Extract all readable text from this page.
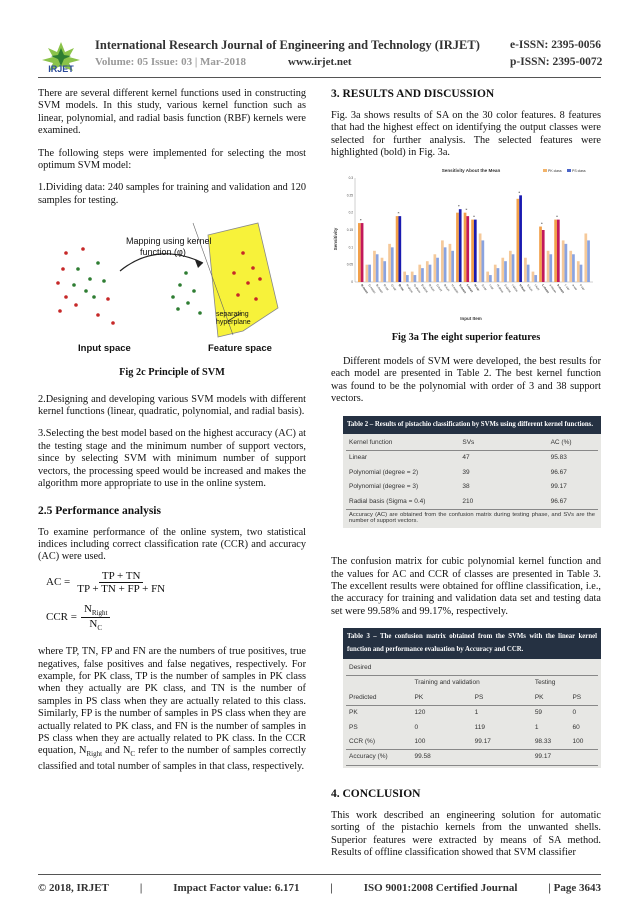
IRJET
International Research Journal of Engineering and Technology (IRJET)	e-ISSN: 2395-0056
Volume: 05 Issue: 03 | Mar-2018	www.irjet.net	p-ISSN: 2395-0072

There are several different kernel functions used in constructing SVM models. In this study, various kernel function such as linear, polynomial, and radial basis function (RBF) kernels were examined.

The following steps were implemented for selecting the most optimum SVM model:

1.Dividing data: 240 samples for training and validation and 120 samples for testing.

Mapping using kernel
function (φ)
separating hyperplane
Input space	Feature space

Fig 2c Principle of SVM

2.Designing and developing various SVM models with different kernel functions (linear, quadratic, polynomial, and radial basis).

3.Selecting the best model based on the highest accuracy (AC) at the testing stage and the minimum number of support vectors, since by selecting SVM with minimum number of support vectors, the processing speed would be increased and makes the algorithm more appropriate to use in the online system.

2.5 Performance analysis

To examine performance of the online system, two statistical indices including correct classification rate (CCR) and accuracy (AC) were used.

AC = $\frac{TP + TN}{TP + TN + FP + FN}$
CCR =
$N_{Right}$
$N_C$

where TP, TN, FP and FN are the numbers of true positives, true negatives, false positives and false negatives, respectively. For example, for PK class, TP is the number of samples in PK class when they actually are PK class, and TN is the number of samples in PS class when they are actually related to this class. Similarly, FP is the number of samples in PS class when they are actually related to PK class, and FN is the number of samples in PS class when they are actually related to PK class. In the CCR equation, $N_{Right}$ and $N_C$ refer to the number of samples correctly classified and total number of samples in that class, respectively.

3. RESULTS AND DISCUSSION

Fig. 3a shows results of SA on the 30 color features. 8 features that had the highest effect on identifying the output classes were selected for further analysis. The selected features were highlighted (bold) in Fig. 3a.

Sensitivity About the Mean
Sensitivity
Input Item
PK class	PS class
0
0.05
0.1
0.15
0.2
0.25
0.3
*
*
*
*
*
*
*
*
R-mean
G-mean
B-mean
R-var G-var B-var R-skew
G-skew
B-skew
R-kurt G-kurt B-kurt H-mean
S-mean
I-mean
H-var S-var I-var H-skew
S-skew
I-skew H-kurt S-kurt I-kurt L-mean
a-mean
b-mean
L-var a-var b-var

Fig 3a The eight superior features

Different models of SVM were developed, the best results for each model are presented in Table 2. The best kernel function was found to be the polynomial with order of 3 and 38 support vectors.

Table 2 – Results of pistachio classification by SVMs using different kernel functions.
Kernel function	SVs	AC (%)
Linear	47	95.83
Polynomial (degree = 2)	39	96.67
Polynomial (degree = 3)	38	99.17
Radial basis (Sigma = 0.4)	210	96.67
Accuracy (AC) are obtained from the confusion matrix during testing phase, and SVs are the number of support vectors.

The confusion matrix for cubic polynomial kernel function and the values for AC and CCR of classes are presented in Table 3. The excellent results were obtained for offline classification, i.e., the accuracy for training and validation data set and testing data set were 99.58% and 99.17%, respectively.

Table 3 – The confusion matrix obtained from the SVMs with the linear kernel function and performance evaluation by Accuracy and CCR.
Desired				
	Training and validation		Testing	
Predicted	PK	PS	PK	PS
PK	120	1	59	0
PS	0	119	1	60
CCR (%)	100	99.17	98.33	100
Accuracy (%)	99.58		99.17	
4. CONCLUSION

This work described an engineering solution for automatic sorting of the pistachio kernels from the unwanted shells. Superior features were extracted by means of SA method. Results of offline classification showed that SVM classifier

© 2018, IRJET	|	Impact Factor value: 6.171	|	ISO 9001:2008 Certified Journal	| Page 3643
